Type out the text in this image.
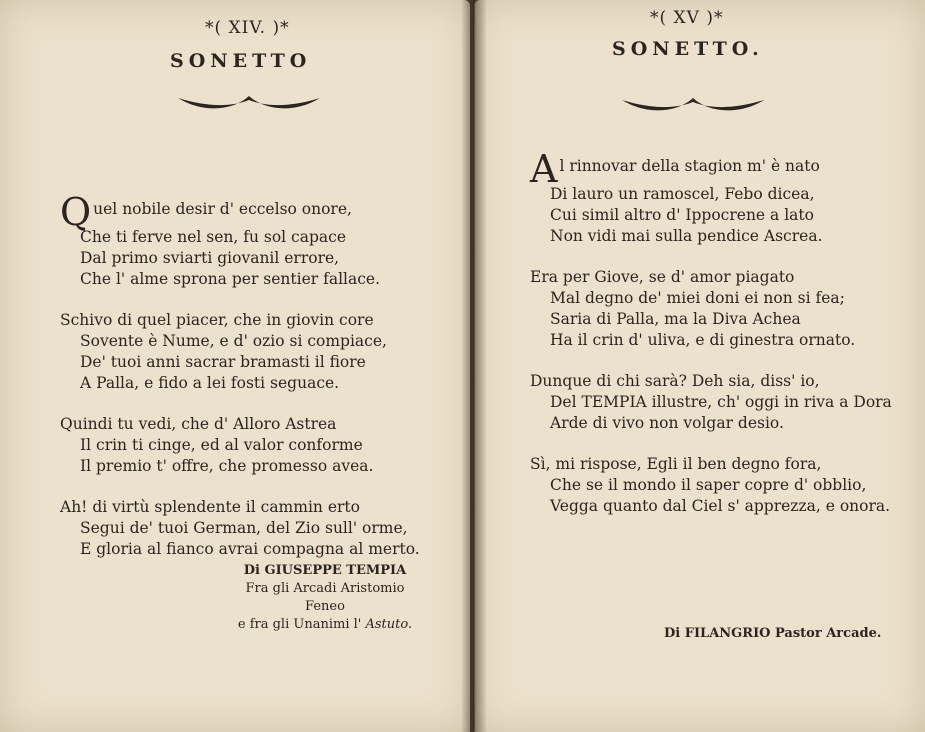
*( XIV. )*
SONETTO
Q uel nobile desir d' eccelso onore,
Che ti ferve nel sen, fu sol capace
Dal primo sviarti giovanil errore,
Che l' alme sprona per sentier fallace.
Schivo di quel piacer, che in giovin core
Sovente è Nume, e d' ozio si compiace,
De' tuoi anni sacrar bramasti il fiore
A Palla, e fido a lei fosti seguace.
Quindi tu vedi, che d' Alloro Astrea
Il crin ti cinge, ed al valor conforme
Il premio t' offre, che promesso avea.
Ah! di virtù splendente il cammin erto
Segui de' tuoi German, del Zio sull' orme,
E gloria al fianco avrai compagna al merto.
Di GIUSEPPE TEMPIA
Fra gli Arcadi Aristomio Feneo
e fra gli Unanimi l' Astuto.
*( XV )*
SONETTO.
A l rinnovar della stagion m' è nato
Di lauro un ramoscel, Febo dicea,
Cui simil altro d' Ippocrene a lato
Non vidi mai sulla pendice Ascrea.
Era per Giove, se d' amor piagato
Mal degno de' miei doni ei non si fea;
Saria di Palla, ma la Diva Achea
Ha il crin d' uliva, e di ginestra ornato.
Dunque di chi sarà? Deh sia, diss' io,
Del TEMPIA illustre, ch' oggi in riva a Dora
Arde di vivo non volgar desio.
Sì, mi rispose, Egli il ben degno fora,
Che se il mondo il saper copre d' obblio,
Vegga quanto dal Ciel s' apprezza, e onora.
Di FILANGRIO Pastor Arcade.
